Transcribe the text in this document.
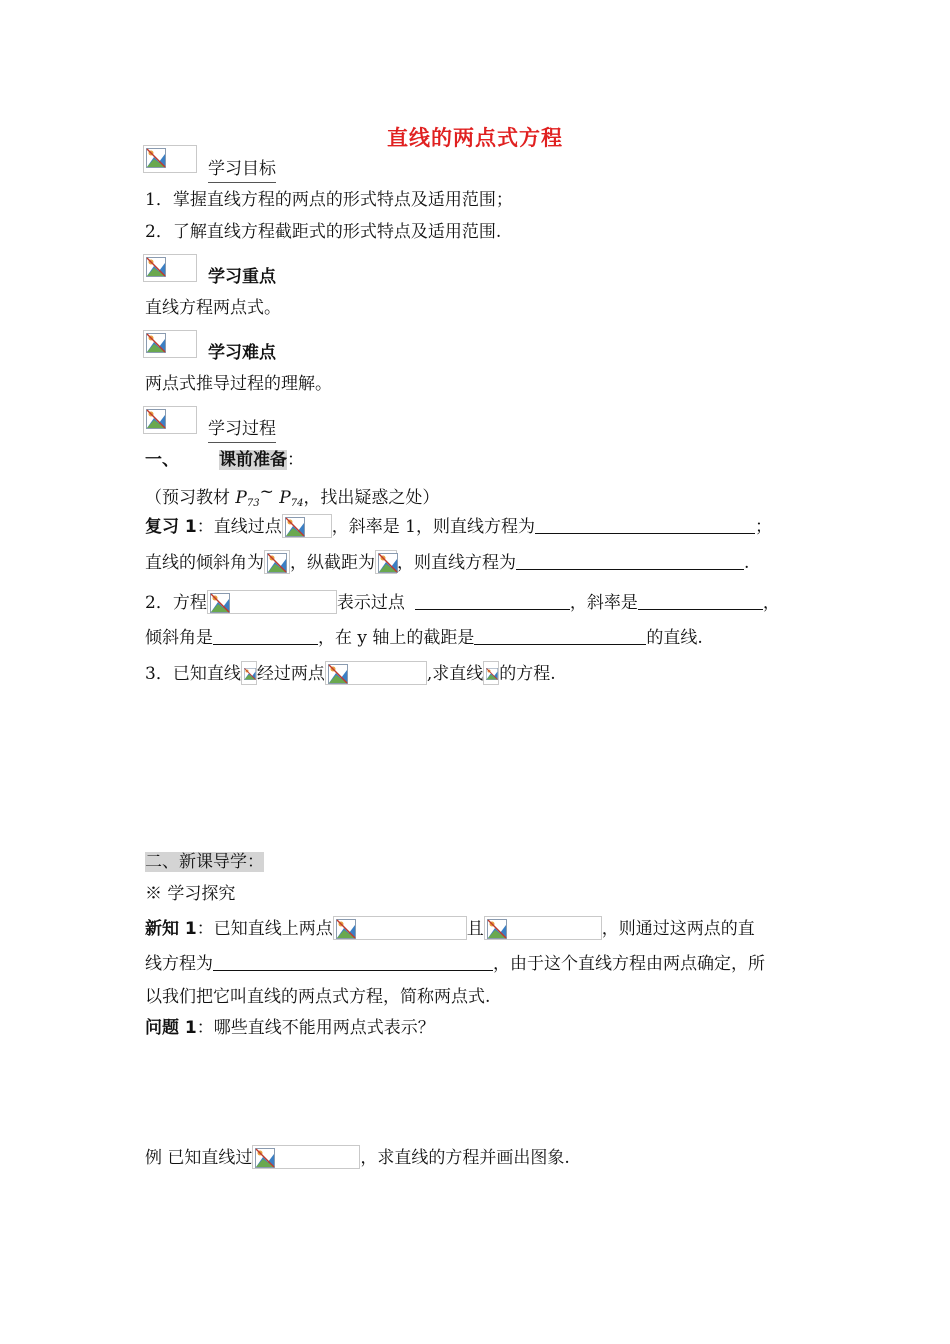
直线的两点式方程
学习目标
1．掌握直线方程的两点的形式特点及适用范围；
2．了解直线方程截距式的形式特点及适用范围.
学习重点
直线方程两点式。
学习难点
两点式推导过程的理解。
学习过程
一、 课前准备：
（预习教材 $P_{73}\sim$ $P_{74}$，找出疑惑之处）
复习 1：直线过点	，斜率是 1，则直线方程为	；
直线的倾斜角为 ，纵截距为 ，则直线方程为	.
2．方程	表示过点	，斜率是	，
倾斜角是	，在 y 轴上的截距是	的直线.
3．已知直线 经过两点	,求直线 的方程.
二、新课导学：
※ 学习探究
新知 1：已知直线上两点	且	，则通过这两点的直
线方程为	，由于这个直线方程由两点确定，所
以我们把它叫直线的两点式方程，简称两点式.
问题 1：哪些直线不能用两点式表示？
例 已知直线过	，求直线的方程并画出图象.
